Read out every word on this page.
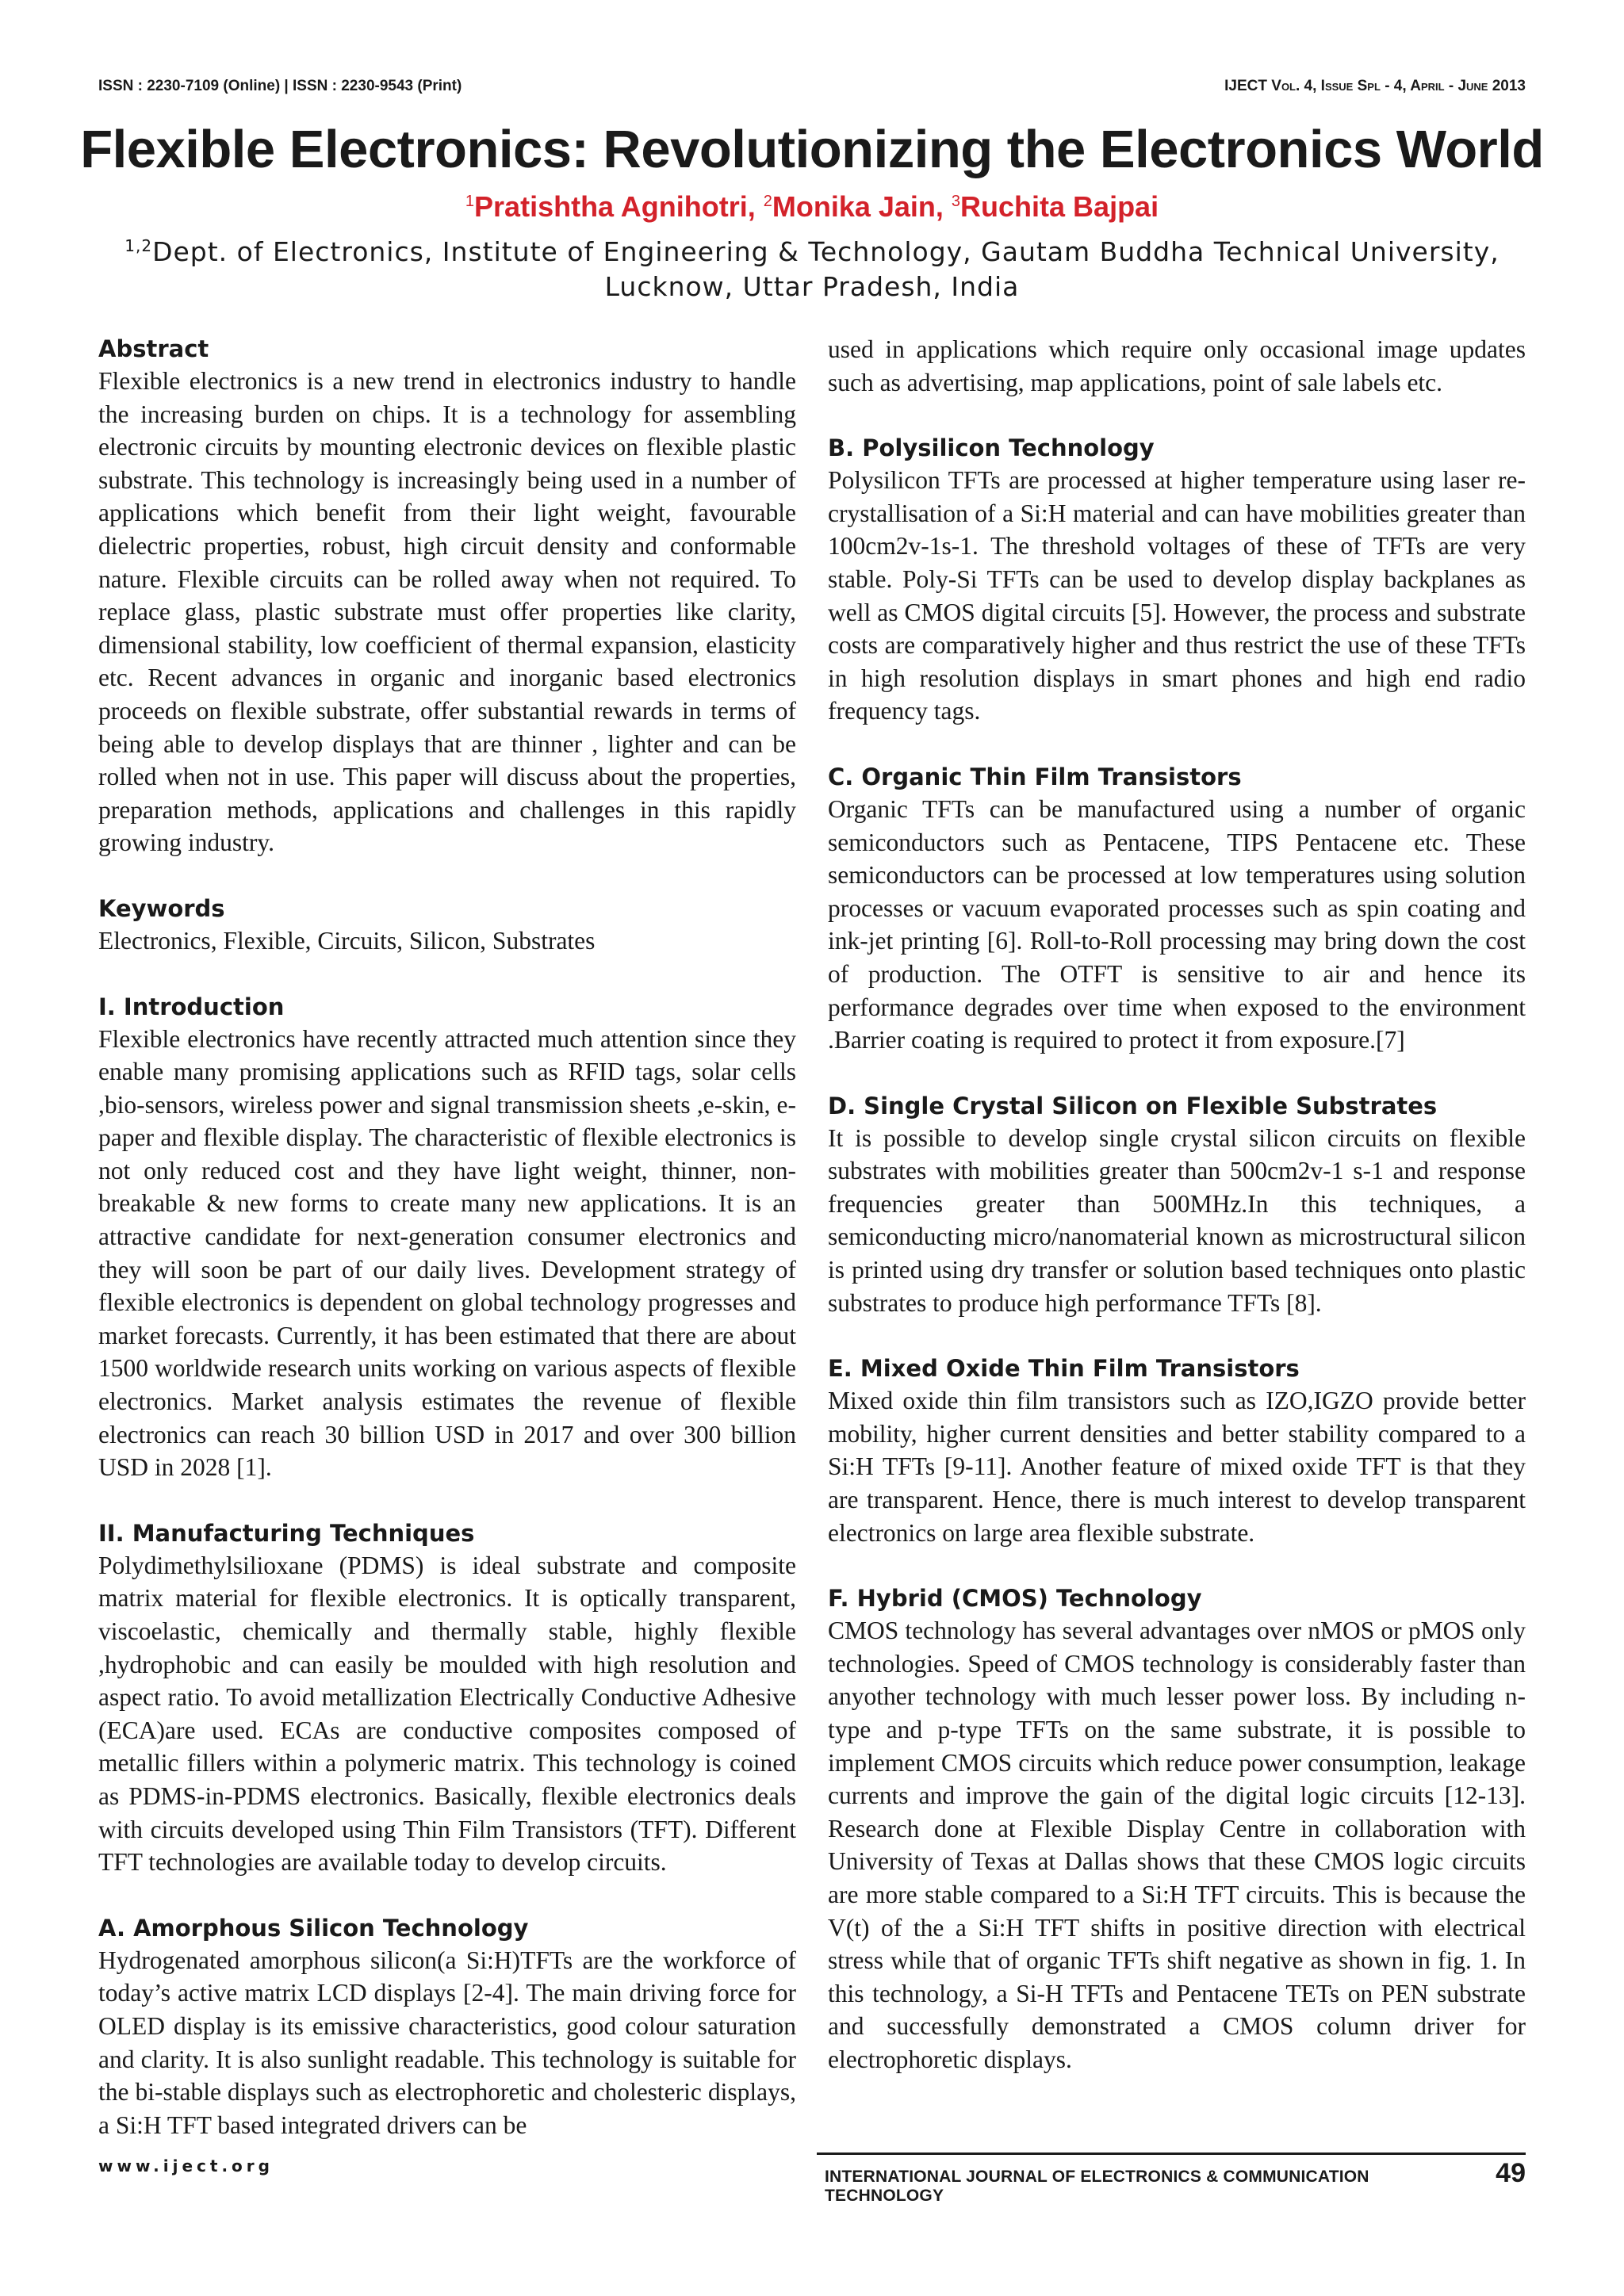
ISSN : 2230-7109 (Online) | ISSN : 2230-9543 (Print)	IJECT Vol. 4, Issue Spl - 4, April - June 2013
Flexible Electronics: Revolutionizing the Electronics World
$^1$Pratishtha Agnihotri, $^2$Monika Jain, $^3$Ruchita Bajpai
$^{1,2}$Dept. of Electronics, Institute of Engineering & Technology, Gautam Buddha Technical University, Lucknow, Uttar Pradesh, India
Abstract

Flexible electronics is a new trend in electronics industry to handle the increasing burden on chips. It is a technology for assembling electronic circuits by mounting electronic devices on flexible plastic substrate. This technology is increasingly being used in a number of applications which benefit from their light weight, favourable dielectric properties, robust, high circuit density and conformable nature. Flexible circuits can be rolled away when not required. To replace glass, plastic substrate must offer properties like clarity, dimensional stability, low coefficient of thermal expansion, elasticity etc. Recent advances in organic and inorganic based electronics proceeds on flexible substrate, offer substantial rewards in terms of being able to develop displays that are thinner , lighter and can be rolled when not in use. This paper will discuss about the properties, preparation methods, applications and challenges in this rapidly growing industry.

Keywords

Electronics, Flexible, Circuits, Silicon, Substrates

I. Introduction

Flexible electronics have recently attracted much attention since they enable many promising applications such as RFID tags, solar cells ,bio-sensors, wireless power and signal transmission sheets ,e-skin, e-paper and flexible display. The characteristic of flexible electronics is not only reduced cost and they have light weight, thinner, non-breakable & new forms to create many new applications. It is an attractive candidate for next-generation consumer electronics and they will soon be part of our daily lives. Development strategy of flexible electronics is dependent on global technology progresses and market forecasts. Currently, it has been estimated that there are about 1500 worldwide research units working on various aspects of flexible electronics. Market analysis estimates the revenue of flexible electronics can reach 30 billion USD in 2017 and over 300 billion USD in 2028 [1].

II. Manufacturing Techniques

Polydimethylsilioxane (PDMS) is ideal substrate and composite matrix material for flexible electronics. It is optically transparent, viscoelastic, chemically and thermally stable, highly flexible ,hydrophobic and can easily be moulded with high resolution and aspect ratio. To avoid metallization Electrically Conductive Adhesive (ECA)are used. ECAs are conductive composites composed of metallic fillers within a polymeric matrix. This technology is coined as PDMS-in-PDMS electronics. Basically, flexible electronics deals with circuits developed using Thin Film Transistors (TFT). Different TFT technologies are available today to develop circuits.

A. Amorphous Silicon Technology

Hydrogenated amorphous silicon(a Si:H)TFTs are the workforce of today’s active matrix LCD displays [2-4]. The main driving force for OLED display is its emissive characteristics, good colour saturation and clarity. It is also sunlight readable. This technology is suitable for the bi-stable displays such as electrophoretic and cholesteric displays, a Si:H TFT based integrated drivers can be

used in applications which require only occasional image updates such as advertising, map applications, point of sale labels etc.

B. Polysilicon Technology

Polysilicon TFTs are processed at higher temperature using laser re-crystallisation of a Si:H material and can have mobilities greater than 100cm2v-1s-1. The threshold voltages of these of TFTs are very stable. Poly-Si TFTs can be used to develop display backplanes as well as CMOS digital circuits [5]. However, the process and substrate costs are comparatively higher and thus restrict the use of these TFTs in high resolution displays in smart phones and high end radio frequency tags.

C. Organic Thin Film Transistors

Organic TFTs can be manufactured using a number of organic semiconductors such as Pentacene, TIPS Pentacene etc. These semiconductors can be processed at low temperatures using solution processes or vacuum evaporated processes such as spin coating and ink-jet printing [6]. Roll-to-Roll processing may bring down the cost of production. The OTFT is sensitive to air and hence its performance degrades over time when exposed to the environment .Barrier coating is required to protect it from exposure.[7]

D. Single Crystal Silicon on Flexible Substrates

It is possible to develop single crystal silicon circuits on flexible substrates with mobilities greater than 500cm2v-1 s-1 and response frequencies greater than 500MHz.In this techniques, a semiconducting micro/nanomaterial known as microstructural silicon is printed using dry transfer or solution based techniques onto plastic substrates to produce high performance TFTs [8].

E. Mixed Oxide Thin Film Transistors

Mixed oxide thin film transistors such as IZO,IGZO provide better mobility, higher current densities and better stability compared to a Si:H TFTs [9-11]. Another feature of mixed oxide TFT is that they are transparent. Hence, there is much interest to develop transparent electronics on large area flexible substrate.

F. Hybrid (CMOS) Technology

CMOS technology has several advantages over nMOS or pMOS only technologies. Speed of CMOS technology is considerably faster than anyother technology with much lesser power loss. By including n-type and p-type TFTs on the same substrate, it is possible to implement CMOS circuits which reduce power consumption, leakage currents and improve the gain of the digital logic circuits [12-13]. Research done at Flexible Display Centre in collaboration with University of Texas at Dallas shows that these CMOS logic circuits are more stable compared to a Si:H TFT circuits. This is because the V(t) of the a Si:H TFT shifts in positive direction with electrical stress while that of organic TFTs shift negative as shown in fig. 1. In this technology, a Si-H TFTs and Pentacene TETs on PEN substrate and successfully demonstrated a CMOS column driver for electrophoretic displays.

www.iject.org
INTERNATIONAL JOURNAL OF ELECTRONICS & COMMUNICATION TECHNOLOGY
49
